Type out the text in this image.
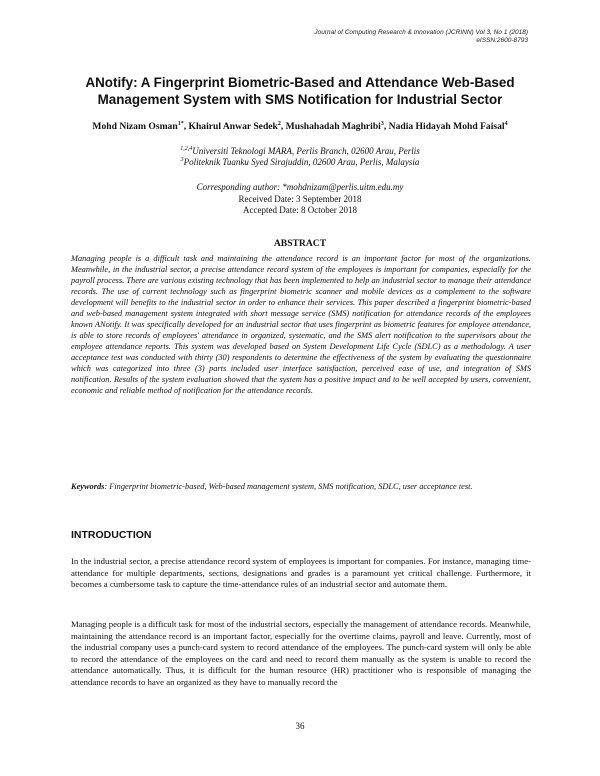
Journal of Computing Research & Innovation (JCRINN) Vol 3, No 1 (2018)
eISSN:2600-8793
ANotify: A Fingerprint Biometric-Based and Attendance Web-Based Management System with SMS Notification for Industrial Sector
Mohd Nizam Osman$^{1*}$, Khairul Anwar Sedek$^2$, Mushahadah Maghribi$^3$, Nadia Hidayah Mohd Faisal$^4$
$^{1,2,4}$Universiti Teknologi MARA, Perlis Branch, 02600 Arau, Perlis
$^3$Politeknik Tuanku Syed Sirajuddin, 02600 Arau, Perlis, Malaysia
Corresponding author: *mohdnizam@perlis.uitm.edu.my
Received Date: 3 September 2018
Accepted Date: 8 October 2018
ABSTRACT

Managing people is a difficult task and maintaining the attendance record is an important factor for most of the organizations. Meanwhile, in the industrial sector, a precise attendance record system of the employees is important for companies, especially for the payroll process. There are various existing technology that has been implemented to help an industrial sector to manage their attendance records. The use of current technology such as fingerprint biometric scanner and mobile devices as a complement to the software development will benefits to the industrial sector in order to enhance their services. This paper described a fingerprint biometric-based and web-based management system integrated with short message service (SMS) notification for attendance records of the employees known ANotify. It was specifically developed for an industrial sector that uses fingerprint as biometric features for employee attendance, is able to store records of employees' attendance in organized, systematic, and the SMS alert notification to the supervisors about the employee attendance reports. This system was developed based on System Development Life Cycle (SDLC) as a methodology. A user acceptance test was conducted with thirty (30) respondents to determine the effectiveness of the system by evaluating the questionnaire which was categorized into three (3) parts included user interface satisfaction, perceived ease of use, and integration of SMS notification. Results of the system evaluation showed that the system has a positive impact and to be well accepted by users, convenient, economic and reliable method of notification for the attendance records.

Keywords: Fingerprint biometric-based, Web-based management system, SMS notification, SDLC, user acceptance test.

INTRODUCTION

In the industrial sector, a precise attendance record system of employees is important for companies. For instance, managing time-attendance for multiple departments, sections, designations and grades is a paramount yet critical challenge. Furthermore, it becomes a cumbersome task to capture the time-attendance rules of an industrial sector and automate them.

Managing people is a difficult task for most of the industrial sectors, especially the management of attendance records. Meanwhile, maintaining the attendance record is an important factor, especially for the overtime claims, payroll and leave. Currently, most of the industrial company uses a punch-card system to record attendance of the employees. The punch-card system will only be able to record the attendance of the employees on the card and need to record them manually as the system is unable to record the attendance automatically. Thus, it is difficult for the human resource (HR) practitioner who is responsible of managing the attendance records to have an organized as they have to manually record the

36
